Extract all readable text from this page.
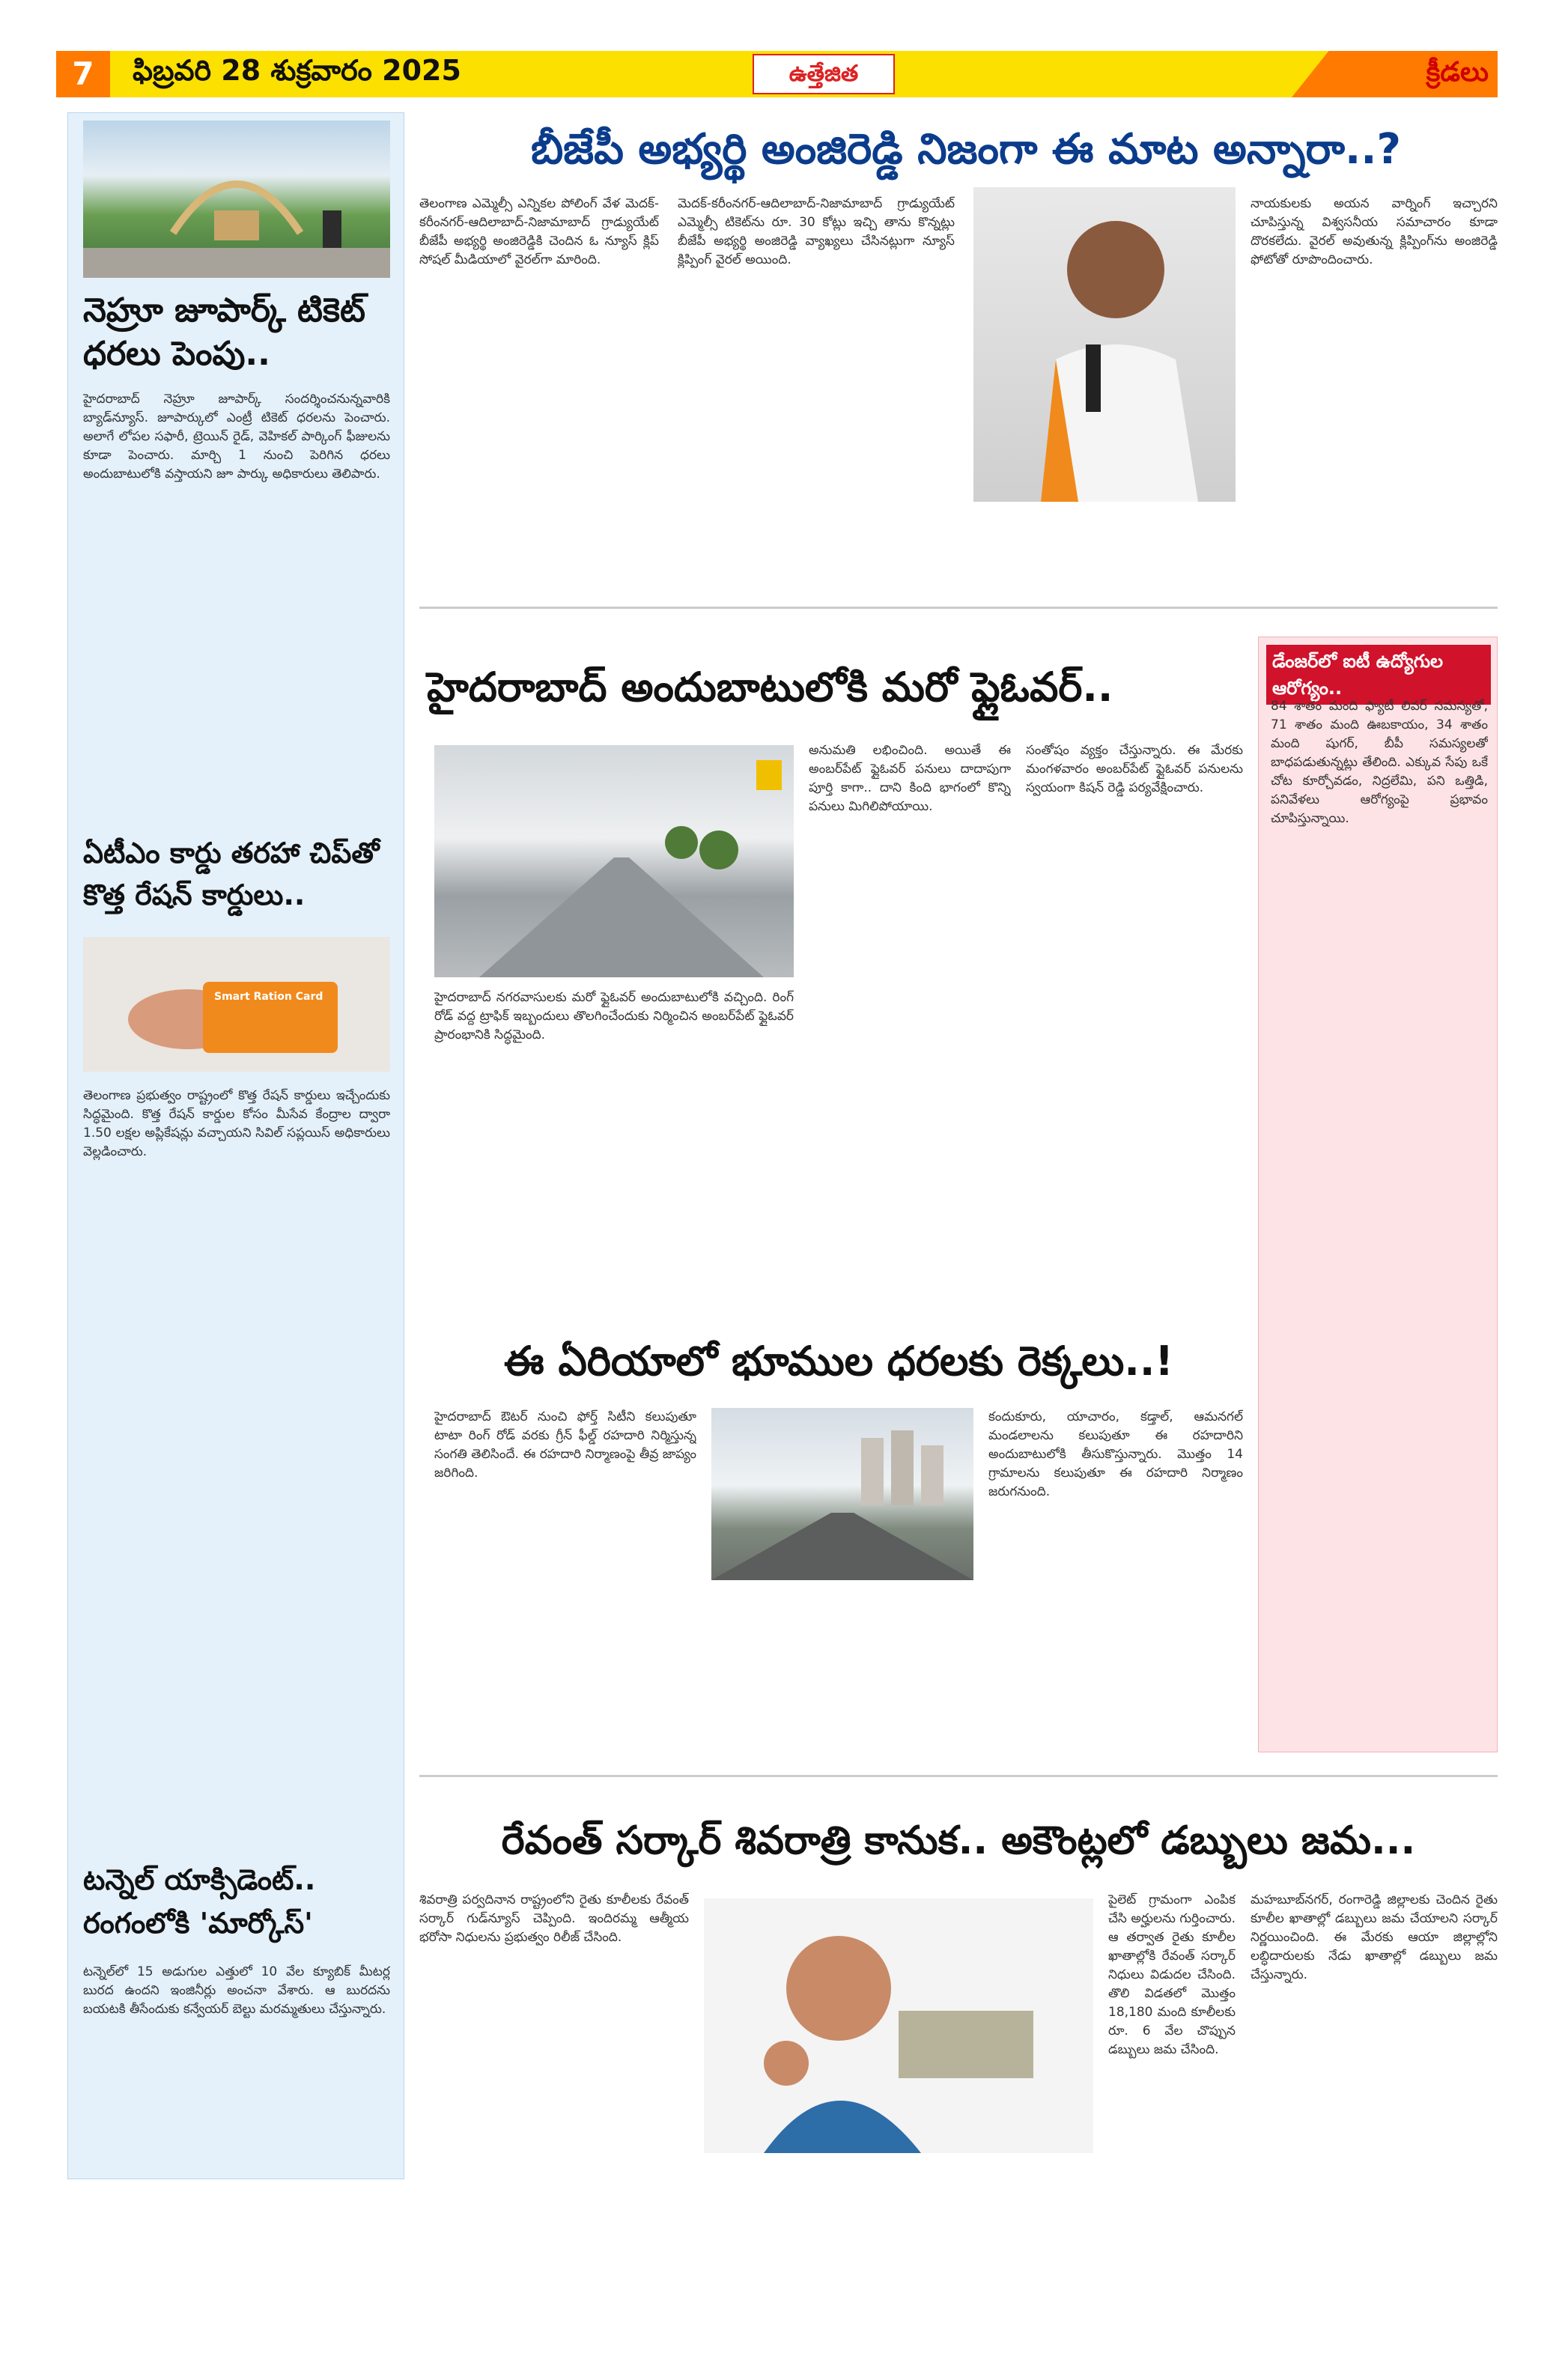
7	ఫిబ్రవరి 28 శుక్రవారం 2025	ఉత్తేజిత	క్రీడలు
నెహ్రూ జూపార్క్ టికెట్ ధరలు పెంపు..
హైదరాబాద్ నెహ్రూ జూపార్క్ సందర్శించనున్నవారికి బ్యాడ్‌న్యూస్. జూపార్కులో ఎంట్రీ టికెట్ ధరలను పెంచారు. అలాగే లోపల సఫారీ, ట్రెయిన్ రైడ్, వెహికల్ పార్కింగ్ ఫీజులను కూడా పెంచారు. మార్చి 1 నుంచి పెరిగిన ధరలు అందుబాటులోకి వస్తాయని జూ పార్కు అధికారులు తెలిపారు.
ఏటీఎం కార్డు తరహా చిప్‌తో కొత్త రేషన్ కార్డులు..
Smart Ration Card
తెలంగాణ ప్రభుత్వం రాష్ట్రంలో కొత్త రేషన్ కార్డులు ఇచ్చేందుకు సిద్ధమైంది. కొత్త రేషన్ కార్డుల కోసం మీసేవ కేంద్రాల ద్వారా 1.50 లక్షల అప్లికేషన్లు వచ్చాయని సివిల్ సప్లయిస్ అధికారులు వెల్లడించారు.
టన్నెల్ యాక్సిడెంట్.. రంగంలోకి 'మార్కోస్'
టన్నెల్‌లో 15 అడుగుల ఎత్తులో 10 వేల క్యూబిక్ మీటర్ల బురద ఉందని ఇంజినీర్లు అంచనా వేశారు. ఆ బురదను బయటకి తీసేందుకు కన్వేయర్ బెల్టు మరమ్మతులు చేస్తున్నారు.
బీజేపీ అభ్యర్థి అంజిరెడ్డి నిజంగా ఈ మాట అన్నారా..?
తెలంగాణ ఎమ్మెల్సీ ఎన్నికల పోలింగ్ వేళ మెదక్-కరీంనగర్-ఆదిలాబాద్-నిజామాబాద్ గ్రాడ్యుయేట్ బీజేపీ అభ్యర్థి అంజిరెడ్డికి చెందిన ఓ న్యూస్ క్లిప్ సోషల్ మీడియాలో వైరల్‌గా మారింది.
మెదక్-కరీంనగర్-ఆదిలాబాద్-నిజామాబాద్ గ్రాడ్యుయేట్ ఎమ్మెల్సీ టికెట్‌ను రూ. 30 కోట్లు ఇచ్చి తాను కొన్నట్లు బీజేపీ అభ్యర్థి అంజిరెడ్డి వ్యాఖ్యలు చేసినట్లుగా న్యూస్ క్లిప్పింగ్ వైరల్ అయింది.
నాయకులకు అయన వార్నింగ్ ఇచ్చారని చూపిస్తున్న విశ్వసనీయ సమాచారం కూడా దొరకలేదు. వైరల్ అవుతున్న క్లిప్పింగ్‌ను అంజిరెడ్డి ఫోటోతో రూపొందించారు.
హైదరాబాద్ అందుబాటులోకి మరో ఫ్లైఓవర్..
హైదరాబాద్ నగరవాసులకు మరో ఫ్లైఓవర్ అందుబాటులోకి వచ్చింది. రింగ్ రోడ్ వద్ద ట్రాఫిక్ ఇబ్బందులు తొలగించేందుకు నిర్మించిన అంబర్‌పేట్ ఫ్లైఓవర్ ప్రారంభానికి సిద్ధమైంది.
అనుమతి లభించింది. అయితే ఈ అంబర్‌పేట్ ఫ్లైఓవర్ పనులు దాదాపుగా పూర్తి కాగా.. దాని కింది భాగంలో కొన్ని పనులు మిగిలిపోయాయి.
సంతోషం వ్యక్తం చేస్తున్నారు. ఈ మేరకు మంగళవారం అంబర్‌పేట్ ఫ్లైఓవర్ పనులను స్వయంగా కిషన్ రెడ్డి పర్యవేక్షించారు.
ఈ ఏరియాలో భూముల ధరలకు రెక్కలు..!
హైదరాబాద్ ఔటర్ నుంచి ఫోర్త్ సిటీని కలుపుతూ టాటా రింగ్ రోడ్ వరకు గ్రీన్ ఫీల్డ్ రహదారి నిర్మిస్తున్న సంగతి తెలిసిందే. ఈ రహదారి నిర్మాణంపై తీవ్ర జాప్యం జరిగింది.
కందుకూరు, యాచారం, కడ్తాల్, ఆమనగల్ మండలాలను కలుపుతూ ఈ రహదారిని అందుబాటులోకి తీసుకొస్తున్నారు. మొత్తం 14 గ్రామాలను కలుపుతూ ఈ రహదారి నిర్మాణం జరుగనుంది.
డేంజర్‌లో ఐటీ ఉద్యోగుల ఆరోగ్యం..
84 శాతం మంది ఫ్యాటీ లివర్ సమస్యతో, 71 శాతం మంది ఊబకాయం, 34 శాతం మంది షుగర్, బీపీ సమస్యలతో బాధపడుతున్నట్లు తేలింది. ఎక్కువ సేపు ఒకే చోట కూర్చోవడం, నిద్రలేమి, పని ఒత్తిడి, పనివేళలు ఆరోగ్యంపై ప్రభావం చూపిస్తున్నాయి.
రేవంత్ సర్కార్ శివరాత్రి కానుక.. అకౌంట్లలో డబ్బులు జమ...
శివరాత్రి పర్వదినాన రాష్ట్రంలోని రైతు కూలీలకు రేవంత్ సర్కార్ గుడ్‌న్యూస్ చెప్పింది. ఇందిరమ్మ ఆత్మీయ భరోసా నిధులను ప్రభుత్వం రిలీజ్ చేసింది.
పైలెట్ గ్రామంగా ఎంపిక చేసి అర్హులను గుర్తించారు. ఆ తర్వాత రైతు కూలీల ఖాతాల్లోకి రేవంత్ సర్కార్ నిధులు విడుదల చేసింది. తొలి విడతలో మొత్తం 18,180 మంది కూలీలకు రూ. 6 వేల చొప్పున డబ్బులు జమ చేసింది.
మహబూబ్‌నగర్, రంగారెడ్డి జిల్లాలకు చెందిన రైతు కూలీల ఖాతాల్లో డబ్బులు జమ చేయాలని సర్కార్ నిర్ణయించింది. ఈ మేరకు ఆయా జిల్లాల్లోని లబ్ధిదారులకు నేడు ఖాతాల్లో డబ్బులు జమ చేస్తున్నారు.
